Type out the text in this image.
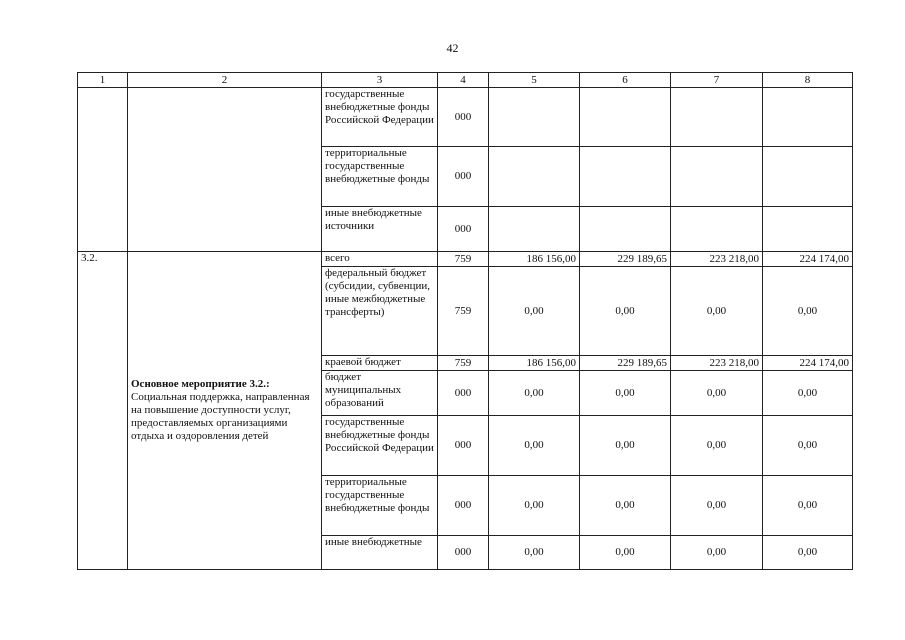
42
1	2	3	4	5	6	7	8
		государственные внебюджетные фонды Российской Федерации	000				
		территориальные государственные внебюджетные фонды	000				
		иные внебюджетные источники	000				
3.2.	Основное мероприятие 3.2.: Социальная поддержка, направленная на повышение доступности услуг, предоставляемых организациями отдыха и оздоровления детей	всего	759	186 156,00	229 189,65	223 218,00	224 174,00
		федеральный бюджет (субсидии, субвенции, иные межбюджетные трансферты)	759	0,00	0,00	0,00	0,00
		краевой бюджет	759	186 156,00	229 189,65	223 218,00	224 174,00
		бюджет муниципальных образований	000	0,00	0,00	0,00	0,00
		государственные внебюджетные фонды Российской Федерации	000	0,00	0,00	0,00	0,00
		территориальные государственные внебюджетные фонды	000	0,00	0,00	0,00	0,00
		иные внебюджетные	000	0,00	0,00	0,00	0,00
